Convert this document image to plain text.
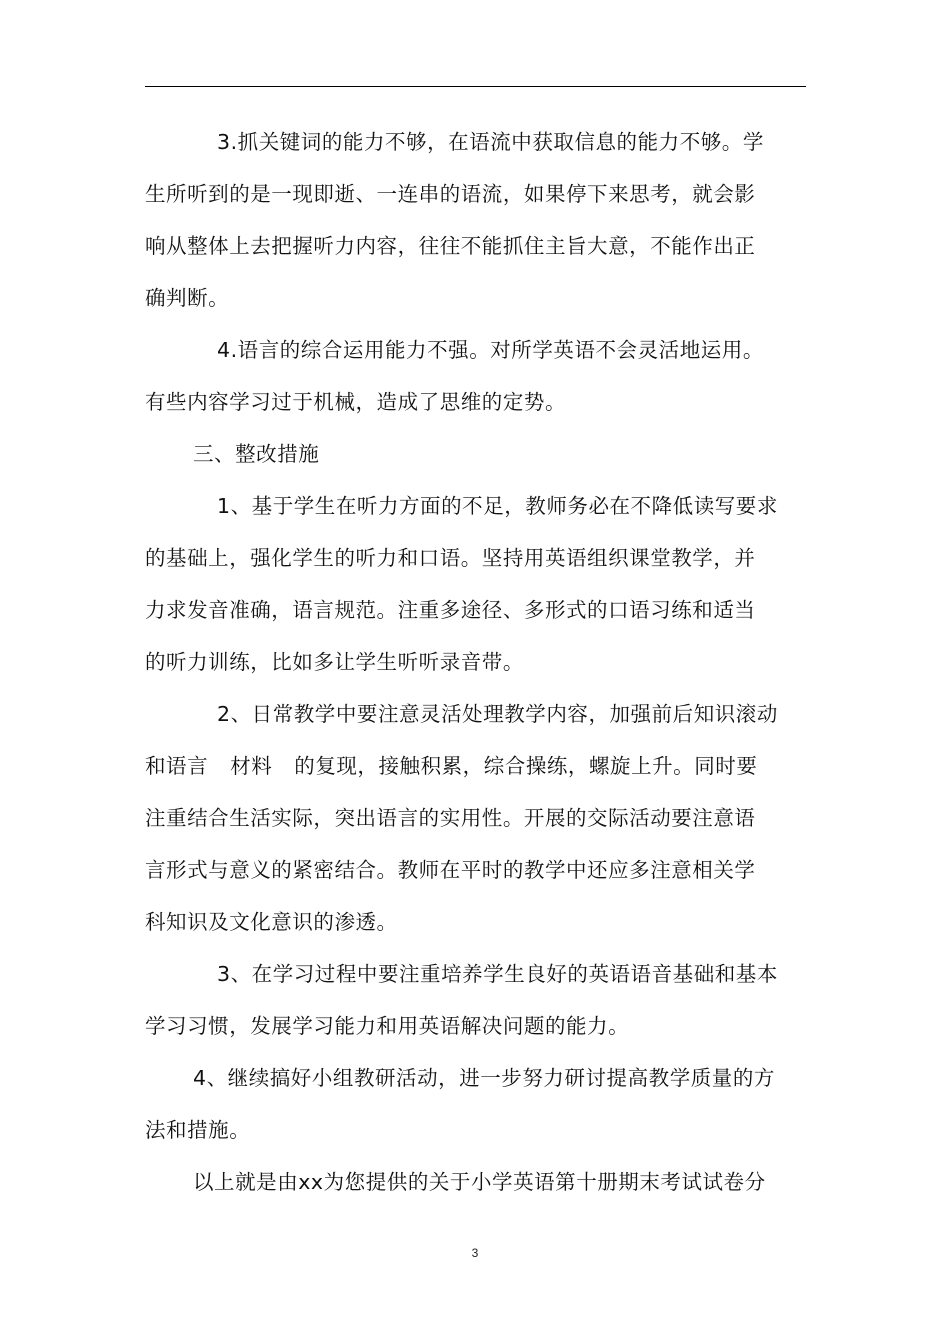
3.抓关键词的能力不够，在语流中获取信息的能力不够。学
生所听到的是一现即逝、一连串的语流，如果停下来思考，就会影
响从整体上去把握听力内容，往往不能抓住主旨大意，不能作出正
确判断。
4.语言的综合运用能力不强。对所学英语不会灵活地运用。
有些内容学习过于机械，造成了思维的定势。
三、整改措施
1、基于学生在听力方面的不足，教师务必在不降低读写要求
的基础上，强化学生的听力和口语。坚持用英语组织课堂教学，并
力求发音准确，语言规范。注重多途径、多形式的口语习练和适当
的听力训练，比如多让学生听听录音带。
2、日常教学中要注意灵活处理教学内容，加强前后知识滚动
和语言 材料 的复现，接触积累，综合操练，螺旋上升。同时要
注重结合生活实际，突出语言的实用性。开展的交际活动要注意语
言形式与意义的紧密结合。教师在平时的教学中还应多注意相关学
科知识及文化意识的渗透。
3、在学习过程中要注重培养学生良好的英语语音基础和基本
学习习惯，发展学习能力和用英语解决问题的能力。
4、继续搞好小组教研活动，进一步努力研讨提高教学质量的方
法和措施。
以上就是由xx为您提供的关于小学英语第十册期末考试试卷分
3
